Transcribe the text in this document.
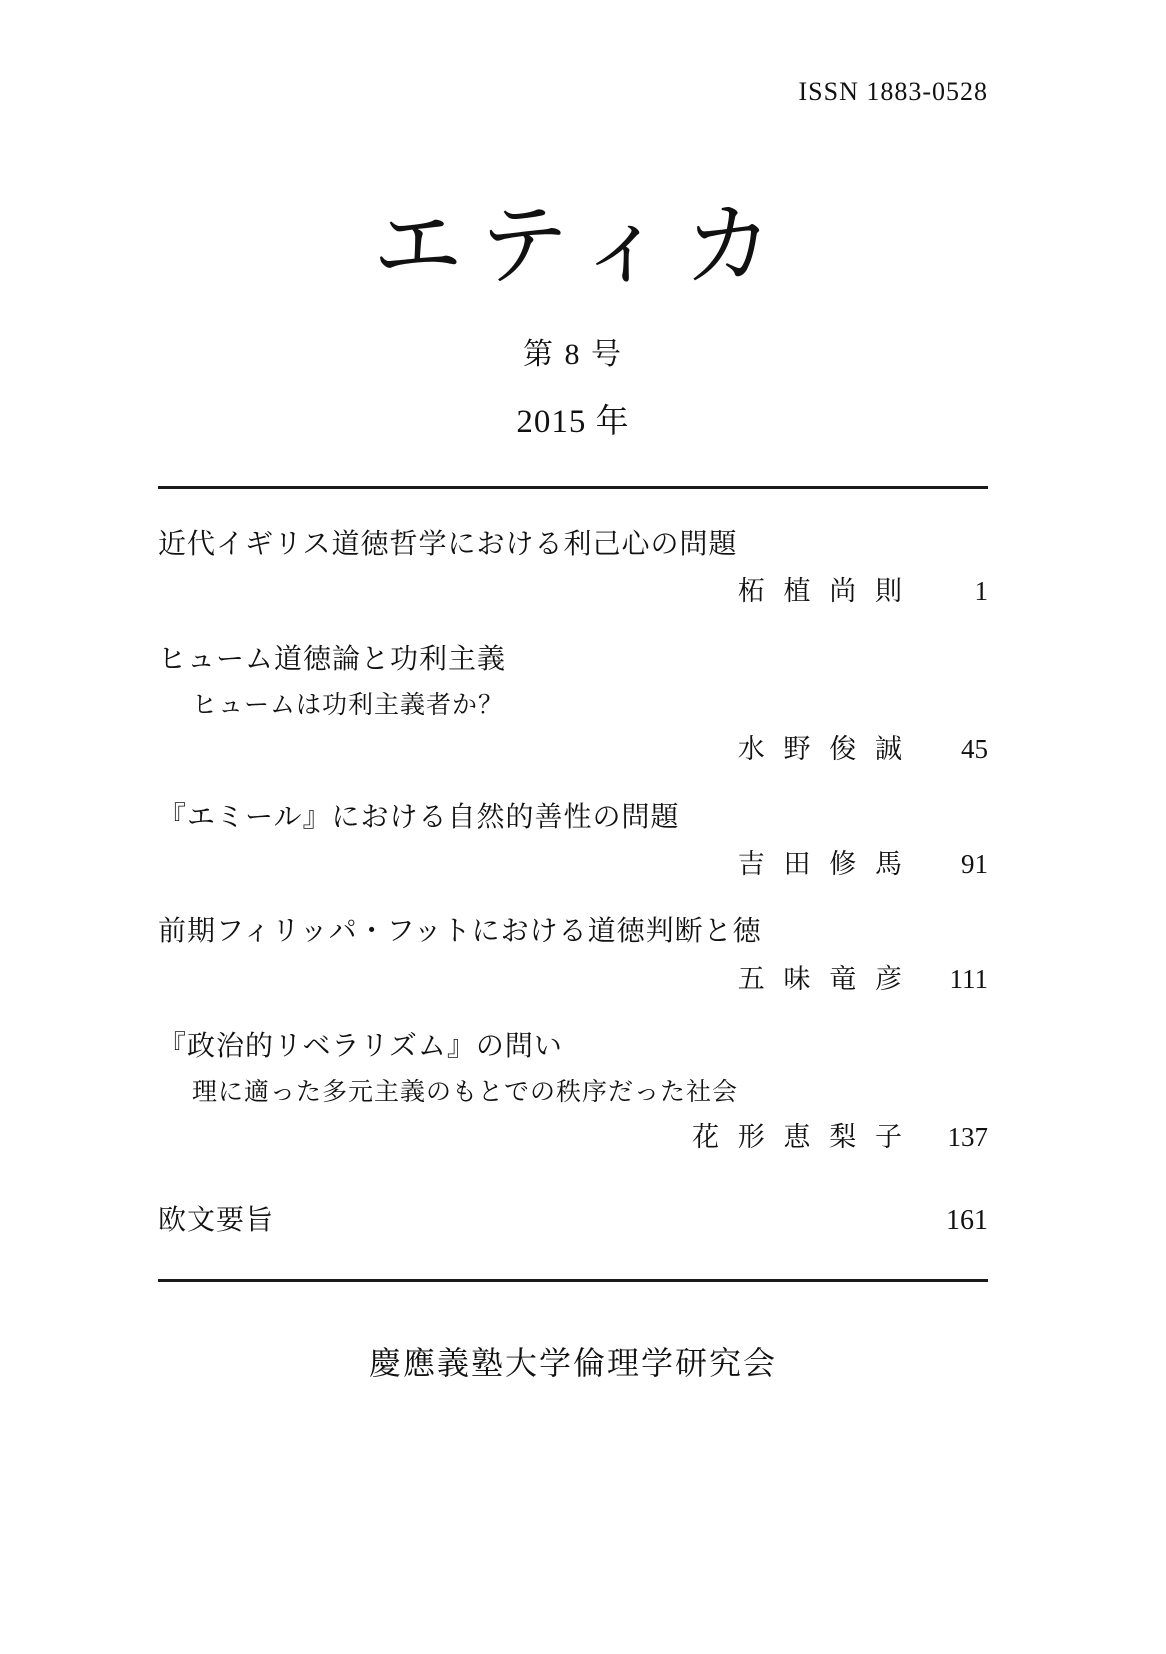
ISSN 1883-0528
エティカ
第 8 号
2015 年
近代イギリス道徳哲学における利己心の問題
柘 植 尚 則	1
ヒューム道徳論と功利主義
ヒュームは功利主義者か？
水 野 俊 誠 45
『エミール』における自然的善性の問題
吉 田 修 馬 91
前期フィリッパ・フットにおける道徳判断と徳
五 味 竜 彦 111
『政治的リベラリズム』の問い
理に適った多元主義のもとでの秩序だった社会
花 形 恵 梨 子 137
欧文要旨	161
慶應義塾大学倫理学研究会
